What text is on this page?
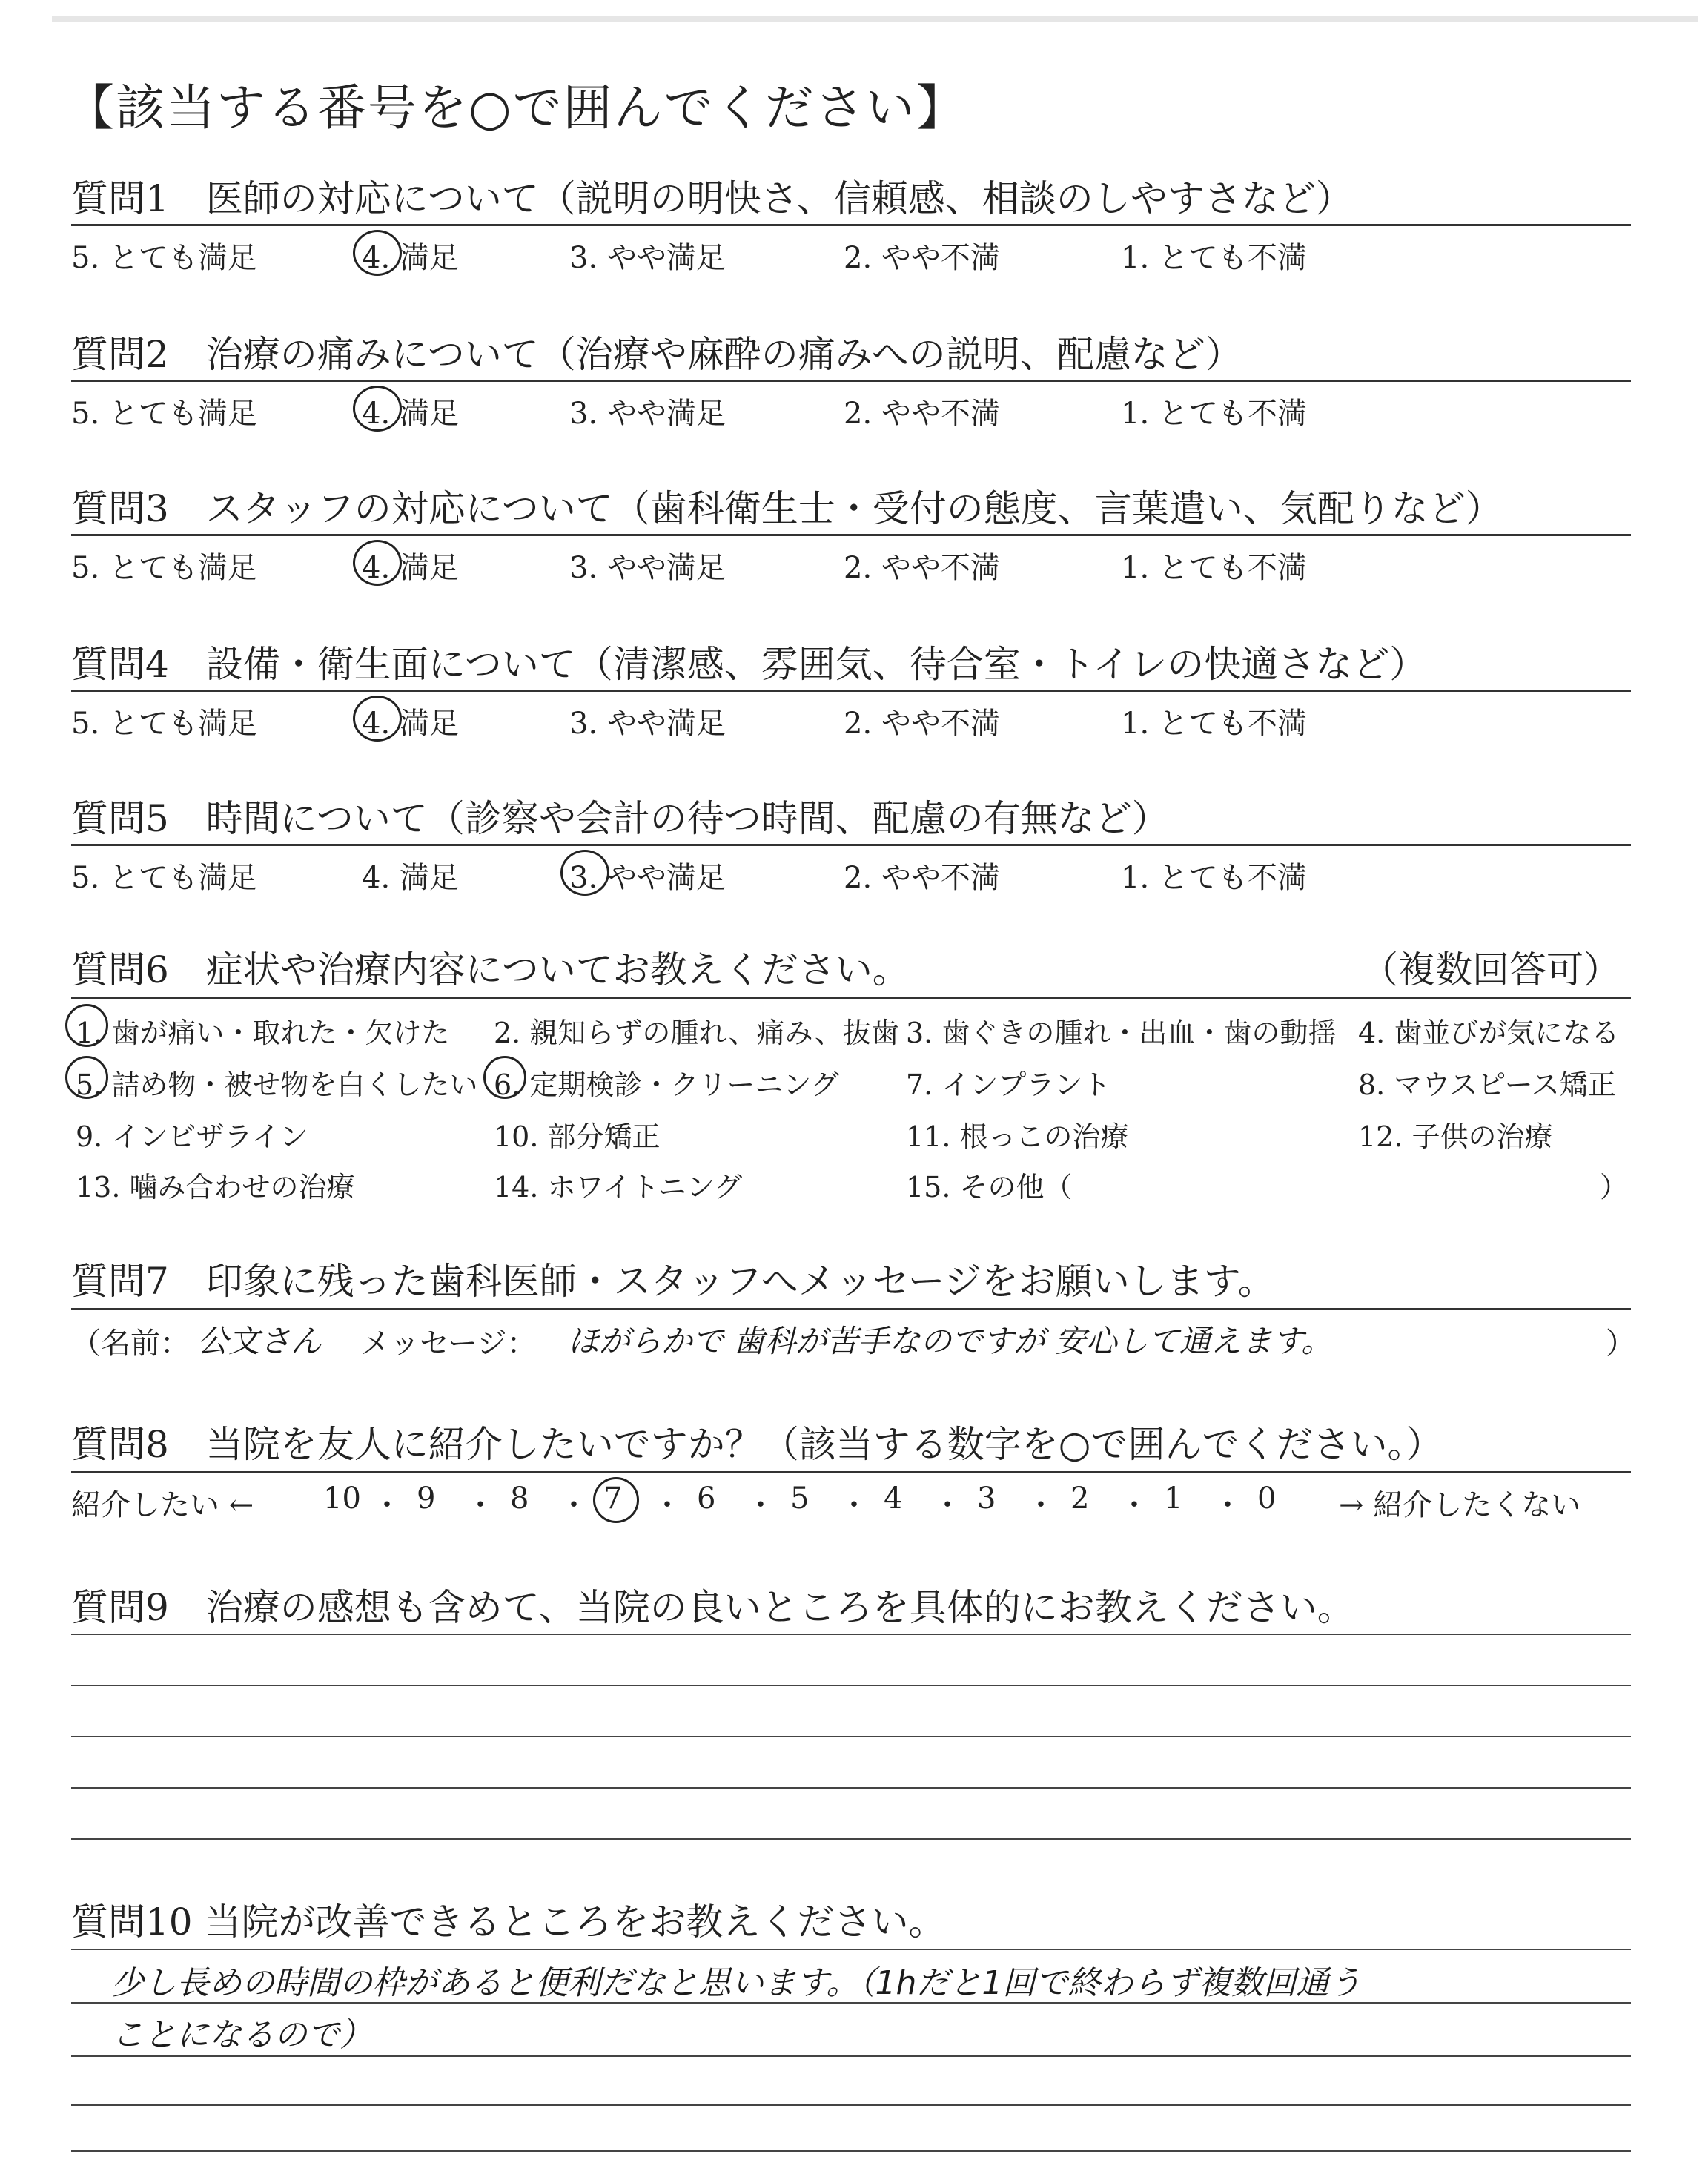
【該当する番号を○で囲んでください】
質問1　医師の対応について（説明の明快さ、信頼感、相談のしやすさなど）
5. とても満足	4. 満足	3. やや満足	2. やや不満	1. とても不満
質問2　治療の痛みについて（治療や麻酔の痛みへの説明、配慮など）
5. とても満足	4. 満足	3. やや満足	2. やや不満	1. とても不満
質問3　スタッフの対応について（歯科衛生士・受付の態度、言葉遣い、気配りなど）
5. とても満足	4. 満足	3. やや満足	2. やや不満	1. とても不満
質問4　設備・衛生面について（清潔感、雰囲気、待合室・トイレの快適さなど）
5. とても満足	4. 満足	3. やや満足	2. やや不満	1. とても不満
質問5　時間について（診察や会計の待つ時間、配慮の有無など）
5. とても満足	4. 満足	3. やや満足	2. やや不満	1. とても不満
質問6　症状や治療内容についてお教えください。	（複数回答可）
1. 歯が痛い・取れた・欠けた 2. 親知らずの腫れ、痛み、抜歯 3. 歯ぐきの腫れ・出血・歯の動揺 4. 歯並びが気になる
5. 詰め物・被せ物を白くしたい 6. 定期検診・クリーニング 7. インプラント	8. マウスピース矯正
9. インビザライン	10. 部分矯正	11. 根っこの治療	12. 子供の治療
13. 噛み合わせの治療	14. ホワイトニング	15. その他（	）
質問7　印象に残った歯科医師・スタッフへメッセージをお願いします。
（名前： 公文さん メッセージ： ほがらかで 歯科が苦手なのですが 安心して通えます。	）
質問8　当院を友人に紹介したいですか？（該当する数字を○で囲んでください。）
紹介したい ← 10 ・ 9 ・ 8 ・ 7 ・ 6 ・ 5 ・ 4 ・ 3 ・ 2 ・ 1 ・ 0 → 紹介したくない
質問9　治療の感想も含めて、当院の良いところを具体的にお教えください。
質問10 当院が改善できるところをお教えください。
少し長めの時間の枠があると便利だなと思います。（1hだと1回で終わらず複数回通う
ことになるので）
